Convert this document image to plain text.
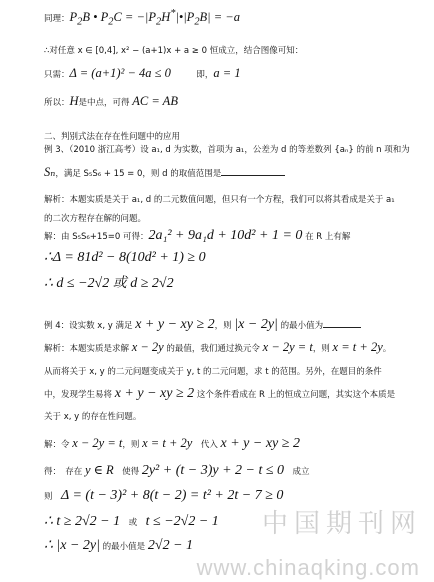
同理：$P_2B$ • $P_2C$ = $-|P_2H^*|•|P_2B| = -a$
∴对任意 x ∈ [0,4], x² − (a+1)x + a ≥ 0 恒成立，结合图像可知：
只需：Δ = (a+1)² − 4a ≤ 0　　　即，a = 1
所以：H是中点，可得 AC = AB
二、判别式法在存在性问题中的应用
例 3、（2010 浙江高考）设 a₁, d 为实数，首项为 a₁，公差为 d 的等差数列 {aₙ} 的前 n 项和为
Sₙ，满足 S₅S₆ + 15 = 0，则 d 的取值范围是
解析：本题实质是关于 a₁, d 的二元数值问题，但只有一个方程，我们可以将其看成是关于 a₁
的二次方程存在解的问题。
解：由 S₅S₆+15=0 可得：2a₁² + 9a₁d + 10d² + 1 = 0 在 R 上有解
∴Δ = 81d² − 8(10d² + 1) ≥ 0
∴ d ≤ −2√2 或 d ≥ 2√2
例 4：设实数 x, y 满足 x + y − xy ≥ 2，则 |x − 2y| 的最小值为
解析：本题实质是求解 x − 2y 的最值，我们通过换元令 x − 2y = t，则 x = t + 2y。
从而将关于 x, y 的二元问题变成关于 y, t 的二元问题，求 t 的范围。另外，在题目的条件
中，发现学生易将 x + y − xy ≥ 2 这个条件看成在 R 上的恒成立问题，其实这个本质是
关于 x, y 的存在性问题。
解：令 x − 2y = t，则 x = t + 2y　代入 x + y − xy ≥ 2
得：　存在 y ∈ R　使得 2y² + (t − 3)y + 2 − t ≤ 0　成立
则　Δ = (t − 3)² + 8(t − 2) = t² + 2t − 7 ≥ 0
∴ t ≥ 2√2 − 1　或　t ≤ −2√2 − 1
∴ |x − 2y| 的最小值是 2√2 − 1
中国期刊网
www.chinaqking.com
